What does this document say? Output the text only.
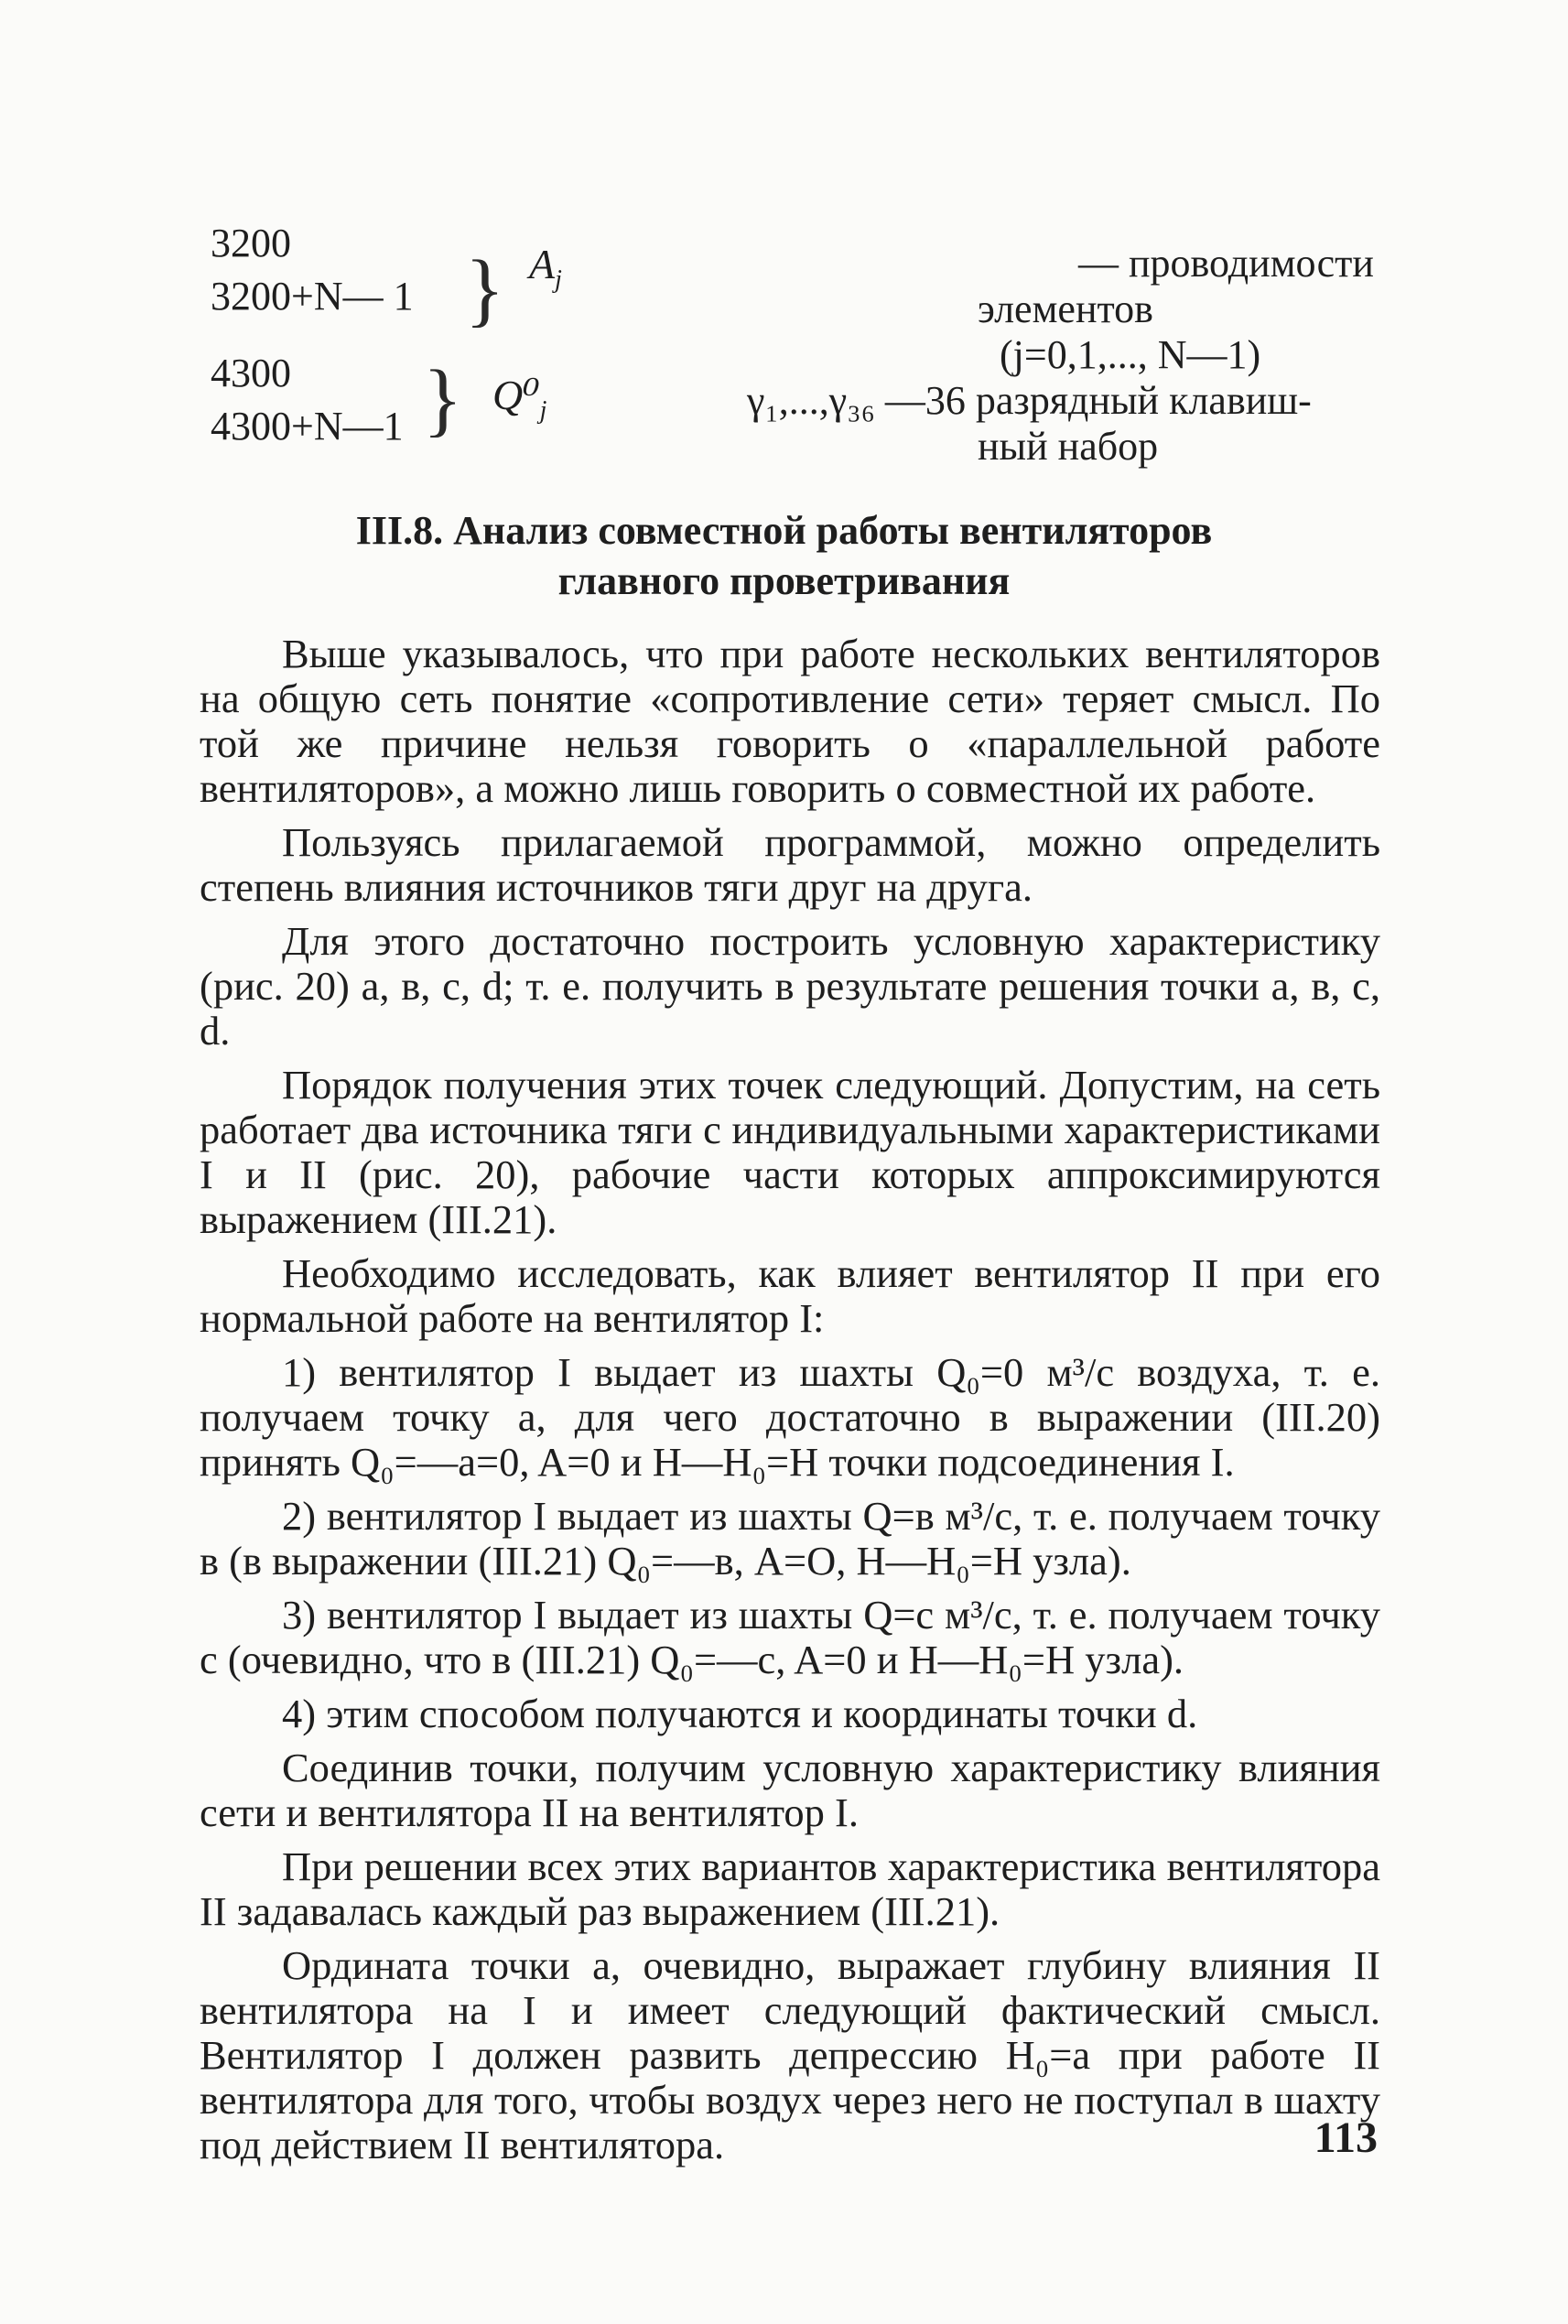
3200
3200+N— 1
4300
4300+N—1
}
}
$A_j$
$Q^0_j$
— проводимости
элементов
(j=0,1,..., N—1)
γ₁,...,γ₃₆ —36 разрядный клавиш-
ный набор
III.8. Анализ совместной работы вентиляторов
главного проветривания

Выше указывалось, что при работе нескольких вентиляторов на общую сеть понятие «сопротивление сети» теряет смысл. По той же причине нельзя говорить о «параллельной работе вентиляторов», а можно лишь говорить о совместной их работе.

Пользуясь прилагаемой программой, можно определить степень влияния источников тяги друг на друга.

Для этого достаточно построить условную характеристику (рис. 20) a, в, c, d; т. е. получить в результате решения точки a, в, c, d.

Порядок получения этих точек следующий. Допустим, на сеть работает два источника тяги с индивидуальными характеристиками I и II (рис. 20), рабочие части которых аппроксимируются выражением (III.21).

Необходимо исследовать, как влияет вентилятор II при его нормальной работе на вентилятор I:

1) вентилятор I выдает из шахты Q₀=0 м³/с воздуха, т. е. получаем точку a, для чего достаточно в выражении (III.20) принять Q₀=—a=0, A=0 и H—H₀=H точки подсоединения I.

2) вентилятор I выдает из шахты Q=в м³/с, т. е. получаем точку в (в выражении (III.21) Q₀=—в, A=O, H—H₀=H узла).

3) вентилятор I выдает из шахты Q=c м³/с, т. е. получаем точку c (очевидно, что в (III.21) Q₀=—c, A=0 и H—H₀=H узла).

4) этим способом получаются и координаты точки d.

Соединив точки, получим условную характеристику влияния сети и вентилятора II на вентилятор I.

При решении всех этих вариантов характеристика вентилятора II задавалась каждый раз выражением (III.21).

Ордината точки а, очевидно, выражает глубину влияния II вентилятора на I и имеет следующий фактический смысл. Вентилятор I должен развить депрессию H₀=a при работе II вентилятора для того, чтобы воздух через него не поступал в шахту под действием II вентилятора.	113
